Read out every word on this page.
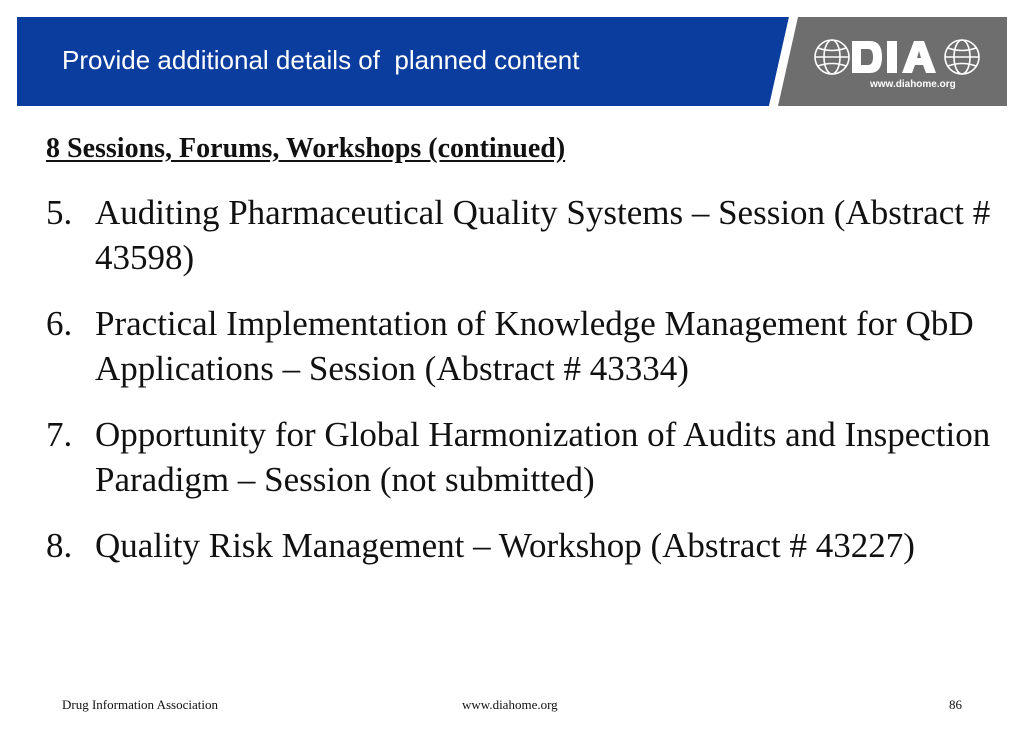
Provide additional details of  planned content
www.diahome.org
8 Sessions, Forums, Workshops (continued)
5. Auditing Pharmaceutical Quality Systems – Session (Abstract # 43598)
6. Practical Implementation of Knowledge Management for QbD Applications – Session (Abstract # 43334)
7. Opportunity for Global Harmonization of Audits and Inspection Paradigm – Session (not submitted)
8. Quality Risk Management – Workshop (Abstract # 43227)
Drug Information Association	www.diahome.org	86
